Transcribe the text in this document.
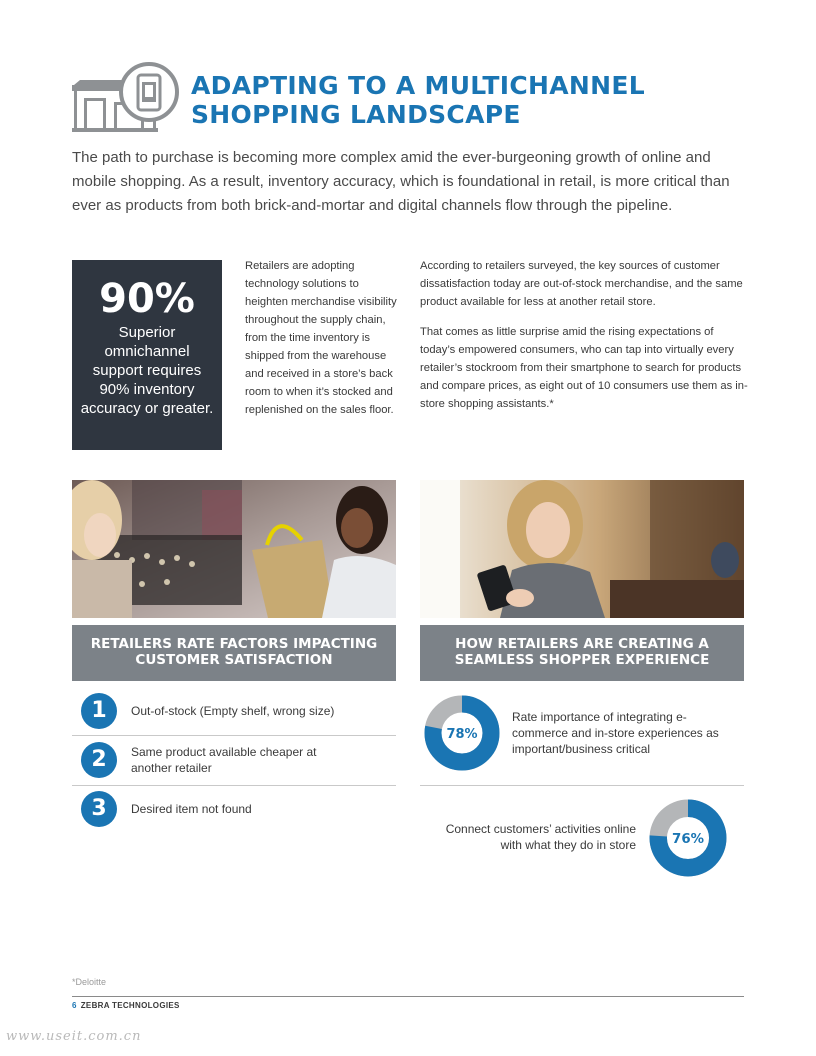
ADAPTING TO A MULTICHANNEL
SHOPPING LANDSCAPE

The path to purchase is becoming more complex amid the ever-burgeoning growth of online and mobile shopping. As a result, inventory accuracy, which is foundational in retail, is more critical than ever as products from both brick-and-mortar and digital channels flow through the pipeline.

90%
Superior omnichannel support requires 90% inventory accuracy or greater.

Retailers are adopting technology solutions to heighten merchandise visibility throughout the supply chain, from the time inventory is shipped from the warehouse and received in a store’s back room to when it’s stocked and replenished on the sales floor.

According to retailers surveyed, the key sources of customer dissatisfaction today are out-of-stock merchandise, and the same product available for less at another retail store.

That comes as little surprise amid the rising expectations of today’s empowered consumers, who can tap into virtually every retailer’s stockroom from their smartphone to search for products and compare prices, as eight out of 10 consumers use them as in-store shopping assistants.*

RETAILERS RATE FACTORS IMPACTING
CUSTOMER SATISFACTION
HOW RETAILERS ARE CREATING A
SEAMLESS SHOPPER EXPERIENCE
1	Out-of-stock (Empty shelf, wrong size)
2	Same product available cheaper at another retailer
3	Desired item not found
78%
Rate importance of integrating e-commerce and in-store experiences as important/business critical
Connect customers’ activities online with what they do in store	76%
*Deloitte
6 ZEBRA TECHNOLOGIES
www.useit.com.cn
